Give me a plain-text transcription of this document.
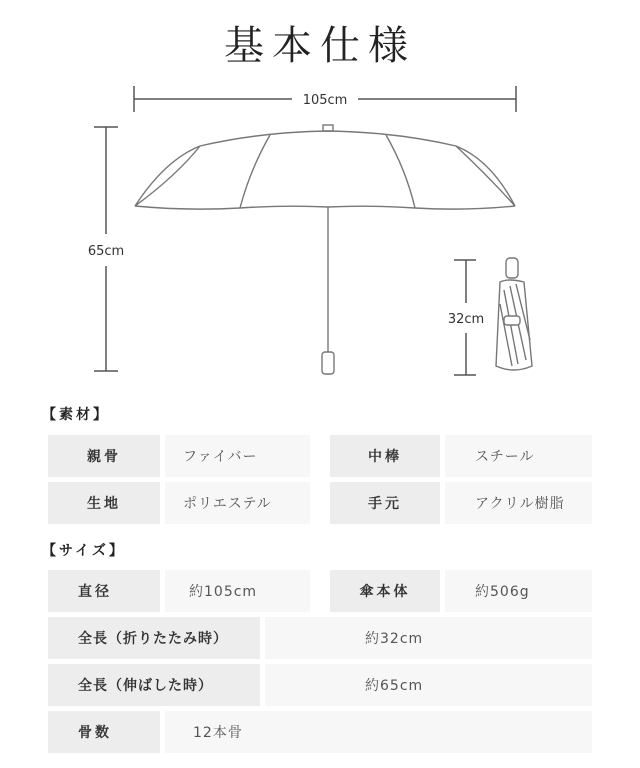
基本仕様
105cm
65cm
32cm
【素材】
親骨	ファイバー	中棒	スチール
生地	ポリエステル	手元	アクリル樹脂
【サイズ】
直径	約105cm	傘本体	約506g
全長（折りたたみ時）	約32cm
全長（伸ばした時）	約65cm
骨数	12本骨
